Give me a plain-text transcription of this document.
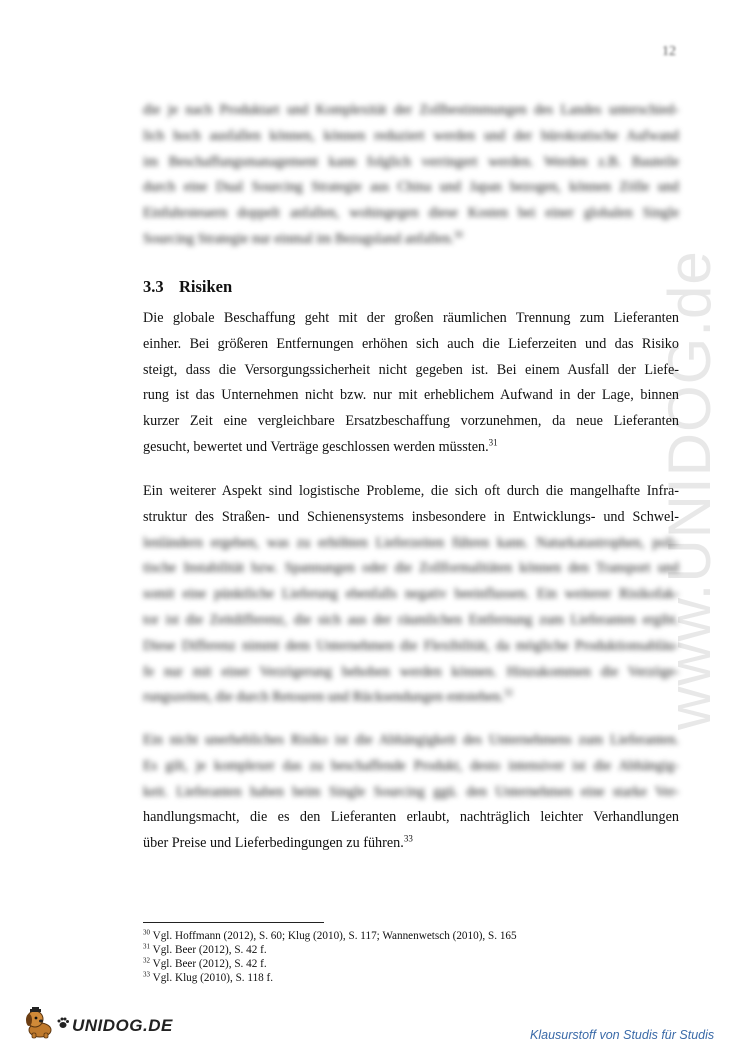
12
www.UNIDOG.de
die je nach Produktart und Komplexität der Zollbestimmungen des Landes unterschied-
lich hoch ausfallen können, können reduziert werden und der bürokratische Aufwand
im Beschaffungsmanagement kann folglich verringert werden. Werden z.B. Bauteile
durch eine Dual Sourcing Strategie aus China und Japan bezogen, können Zölle und
Einfuhrsteuern doppelt anfallen, wohingegen diese Kosten bei einer globalen Single
Sourcing Strategie nur einmal im Bezugsland anfallen.$^{30}$
3.3 Risiken
Die globale Beschaffung geht mit der großen räumlichen Trennung zum Lieferanten
einher. Bei größeren Entfernungen erhöhen sich auch die Lieferzeiten und das Risiko
steigt, dass die Versorgungssicherheit nicht gegeben ist. Bei einem Ausfall der Liefe-
rung ist das Unternehmen nicht bzw. nur mit erheblichem Aufwand in der Lage, binnen
kurzer Zeit eine vergleichbare Ersatzbeschaffung vorzunehmen, da neue Lieferanten
gesucht, bewertet und Verträge geschlossen werden müssten.$^{31}$
Ein weiterer Aspekt sind logistische Probleme, die sich oft durch die mangelhafte Infra-
struktur des Straßen- und Schienensystems insbesondere in Entwicklungs- und Schwel-
lenländern ergeben, was zu erhöhten Lieferzeiten führen kann. Naturkatastrophen, poli-
tische Instabilität bzw. Spannungen oder die Zollformalitäten können den Transport und
somit eine pünktliche Lieferung ebenfalls negativ beeinflussen. Ein weiterer Risikofak-
tor ist die Zeitdifferenz, die sich aus der räumlichen Entfernung zum Lieferanten ergibt.
Diese Differenz nimmt dem Unternehmen die Flexibilität, da mögliche Produktionsabläu-
fe nur mit einer Verzögerung behoben werden können. Hinzukommen die Verzöge-
rungszeiten, die durch Retouren und Rücksendungen entstehen.$^{32}$
Ein nicht unerhebliches Risiko ist die Abhängigkeit des Unternehmens zum Lieferanten.
Es gilt, je komplexer das zu beschaffende Produkt, desto intensiver ist die Abhängig-
keit. Lieferanten haben beim Single Sourcing ggü. den Unternehmen eine starke Ver-
handlungsmacht, die es den Lieferanten erlaubt, nachträglich leichter Verhandlungen
über Preise und Lieferbedingungen zu führen.$^{33}$
$^{30}$ Vgl. Hoffmann (2012), S. 60; Klug (2010), S. 117; Wannenwetsch (2010), S. 165
$^{31}$ Vgl. Beer (2012), S. 42 f.
$^{32}$ Vgl. Beer (2012), S. 42 f.
$^{33}$ Vgl. Klug (2010), S. 118 f.
UNIDOG.DE
Klausurstoff von Studis für Studis
